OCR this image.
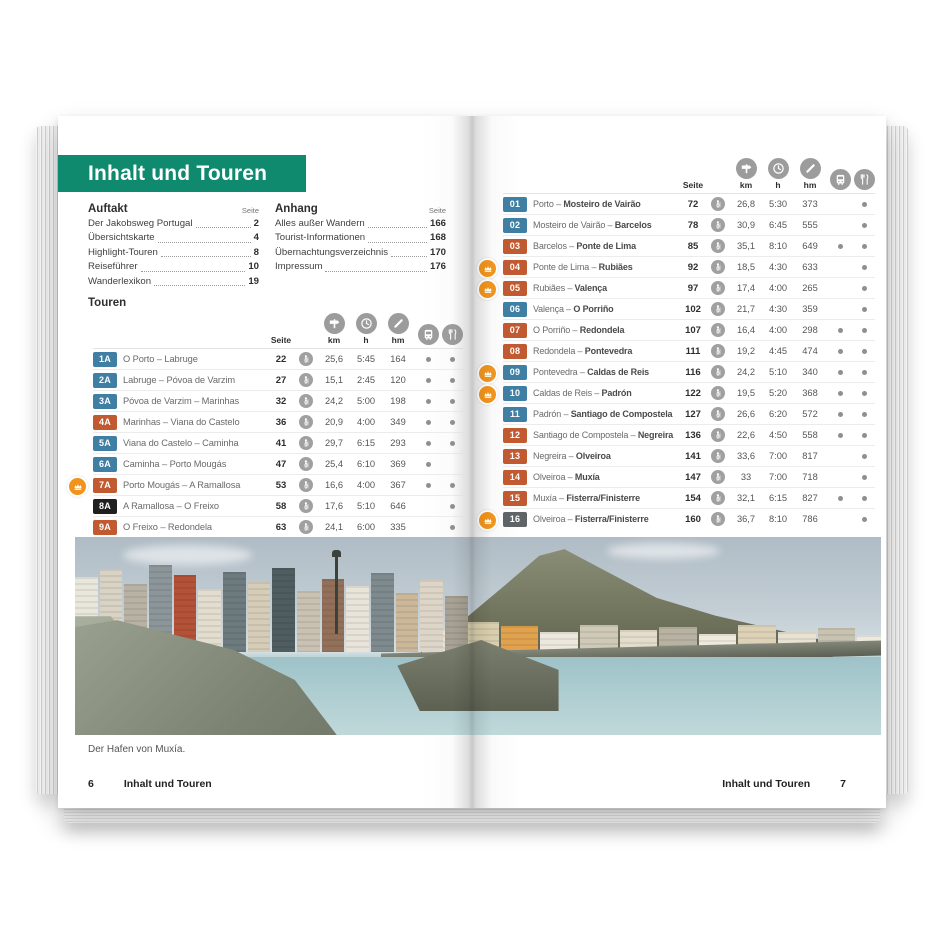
Inhalt und Touren
Auftakt	Seite
Der Jakobsweg Portugal	2
Übersichtskarte	4
Highlight-Touren	8
Reiseführer	10
Wanderlexikon	19
Anhang	Seite
Alles außer Wandern	166
Tourist-Informationen	168
Übernachtungsverzeichnis	170
Impressum	176
Touren
Seite	km	h	hm
1A	O Porto – Labruge	22	25,6	5:45	164
2A	Labruge – Póvoa de Varzim	27	15,1	2:45	120
3A	Póvoa de Varzim – Marinhas	32	24,2	5:00	198
4A	Marinhas – Viana do Castelo	36	20,9	4:00	349
5A	Viana do Castelo – Caminha	41	29,7	6:15	293
6A	Caminha – Porto Mougás	47	25,4	6:10	369
7A	Porto Mougás – A Ramallosa	53	16,6	4:00	367
8A	A Ramallosa – O Freixo	58	17,6	5:10	646
9A	O Freixo – Redondela	63	24,1	6:00	335
Der Hafen von Muxía.
6	Inhalt und Touren
Seite	km	h	hm
01	Porto – Mosteiro de Vairão	72	26,8	5:30	373
02	Mosteiro de Vairão – Barcelos	78	30,9	6:45	555
03	Barcelos – Ponte de Lima	85	35,1	8:10	649
04	Ponte de Lima – Rubiães	92	18,5	4:30	633
05	Rubiães – Valença	97	17,4	4:00	265
06	Valença – O Porriño	102	21,7	4:30	359
07	O Porriño – Redondela	107	16,4	4:00	298
08	Redondela – Pontevedra	111	19,2	4:45	474
09	Pontevedra – Caldas de Reis	116	24,2	5:10	340
10	Caldas de Reis – Padrón	122	19,5	5:20	368
11	Padrón – Santiago de Compostela	127	26,6	6:20	572
12	Santiago de Compostela – Negreira	136	22,6	4:50	558
13	Negreira – Olveiroa	141	33,6	7:00	817
14	Olveiroa – Muxía	147	33	7:00	718
15	Muxía – Fisterra/Finisterre	154	32,1	6:15	827
16	Olveiroa – Fisterra/Finisterre	160	36,7	8:10	786
Inhalt und Touren	7
